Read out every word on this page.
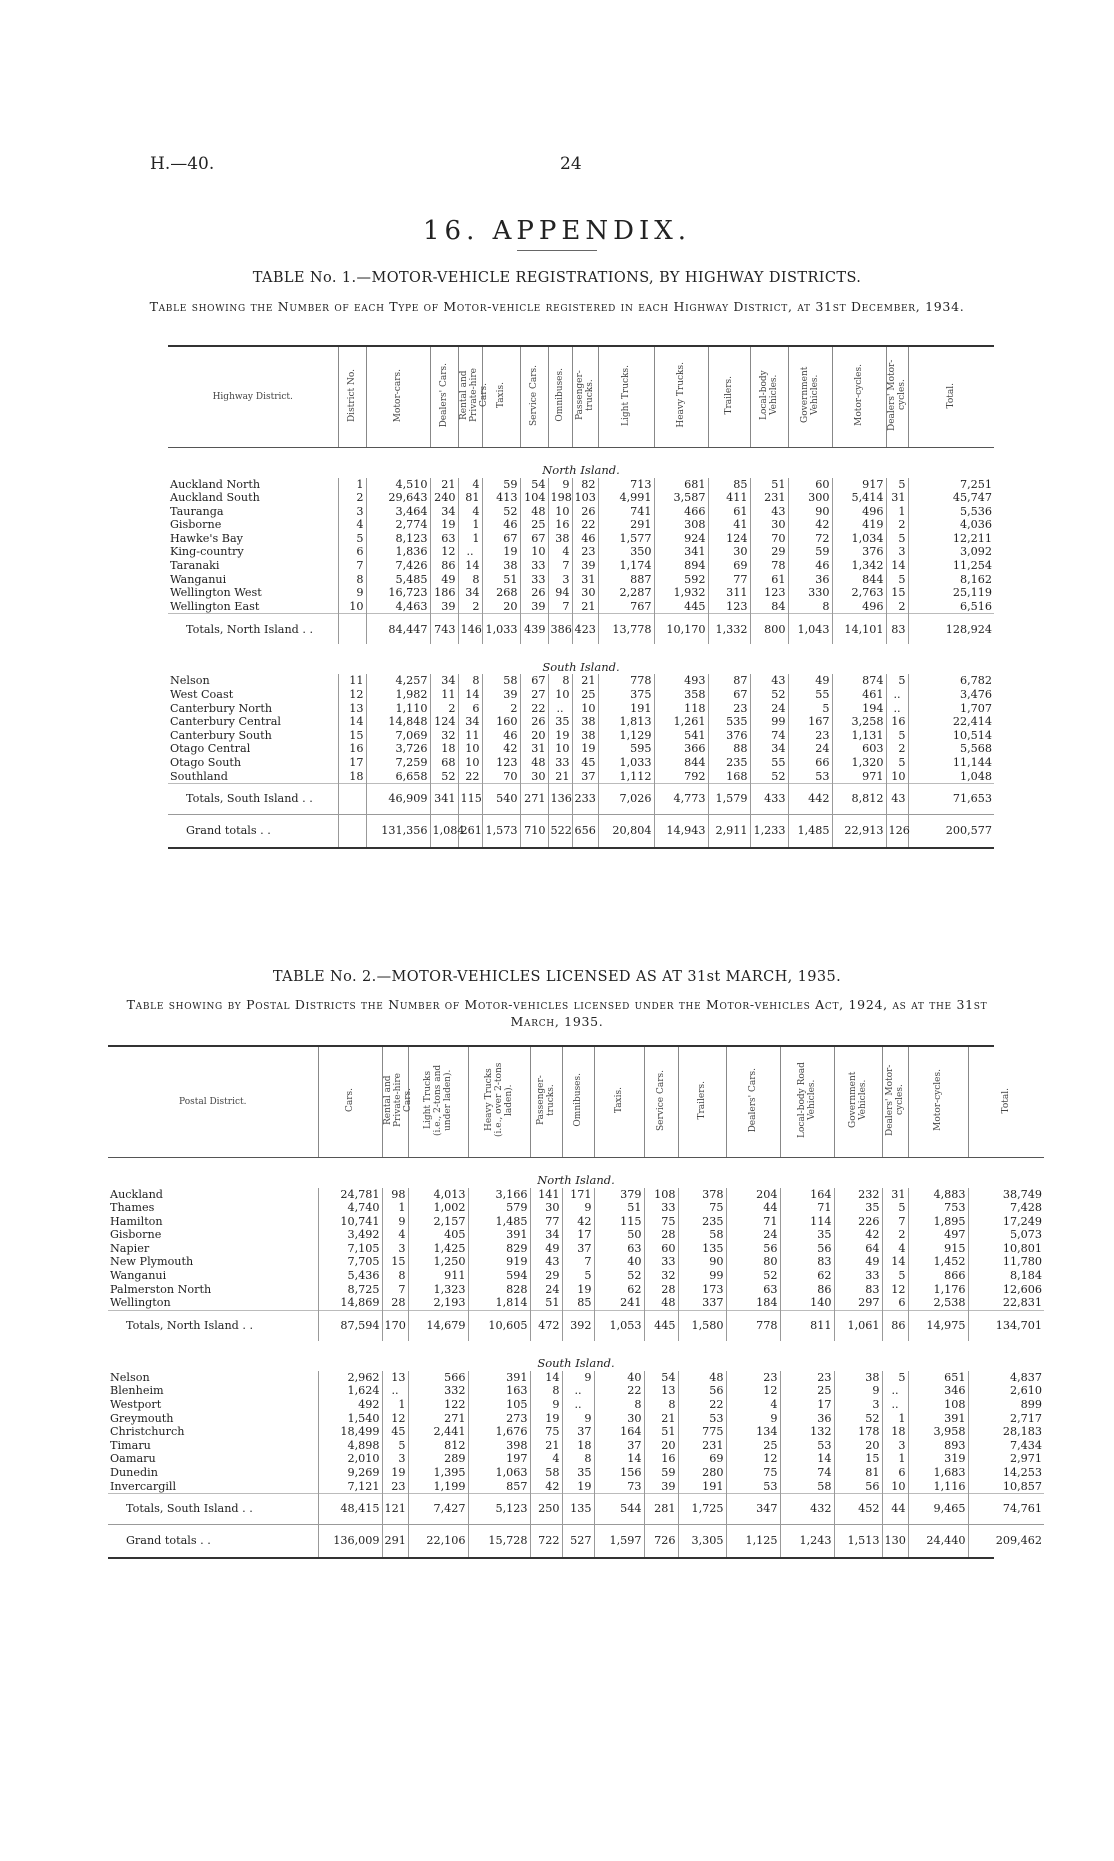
H.—40.	24
16. APPENDIX.
TABLE No. 1.—MOTOR-VEHICLE REGISTRATIONS, BY HIGHWAY DISTRICTS.
Table showing the Number of each Type of Motor-vehicle registered in each Highway District, at 31st December, 1934.
Highway District.	District No.	Motor-cars.	Dealers' Cars.	Rental and Private-hire Cars.	Taxis.	Service Cars.	Omnibuses.	Passenger-trucks.	Light Trucks.	Heavy Trucks.	Trailers.	Local-body Vehicles.	Government Vehicles.	Motor-cycles.	Dealers' Motor-cycles.	Total.
North Island.																
Auckland North	1	4,510	21	4	59	54	9	82	713	681	85	51	60	917	5	7,251
Auckland South	2	29,643	240	81	413	104	198	103	4,991	3,587	411	231	300	5,414	31	45,747
Tauranga	3	3,464	34	4	52	48	10	26	741	466	61	43	90	496	1	5,536
Gisborne	4	2,774	19	1	46	25	16	22	291	308	41	30	42	419	2	4,036
Hawke's Bay	5	8,123	63	1	67	67	38	46	1,577	924	124	70	72	1,034	5	12,211
King-country	6	1,836	12	..	19	10	4	23	350	341	30	29	59	376	3	3,092
Taranaki	7	7,426	86	14	38	33	7	39	1,174	894	69	78	46	1,342	14	11,254
Wanganui	8	5,485	49	8	51	33	3	31	887	592	77	61	36	844	5	8,162
Wellington West	9	16,723	186	34	268	26	94	30	2,287	1,932	311	123	330	2,763	15	25,119
Wellington East	10	4,463	39	2	20	39	7	21	767	445	123	84	8	496	2	6,516
Totals, North Island . .		84,447	743	146	1,033	439	386	423	13,778	10,170	1,332	800	1,043	14,101	83	128,924
South Island.																
Nelson	11	4,257	34	8	58	67	8	21	778	493	87	43	49	874	5	6,782
West Coast	12	1,982	11	14	39	27	10	25	375	358	67	52	55	461	..	3,476
Canterbury North	13	1,110	2	6	2	22	..	10	191	118	23	24	5	194	..	1,707
Canterbury Central	14	14,848	124	34	160	26	35	38	1,813	1,261	535	99	167	3,258	16	22,414
Canterbury South	15	7,069	32	11	46	20	19	38	1,129	541	376	74	23	1,131	5	10,514
Otago Central	16	3,726	18	10	42	31	10	19	595	366	88	34	24	603	2	5,568
Otago South	17	7,259	68	10	123	48	33	45	1,033	844	235	55	66	1,320	5	11,144
Southland	18	6,658	52	22	70	30	21	37	1,112	792	168	52	53	971	10	1,048
Totals, South Island . .		46,909	341	115	540	271	136	233	7,026	4,773	1,579	433	442	8,812	43	71,653
Grand totals . .		131,356	1,084	261	1,573	710	522	656	20,804	14,943	2,911	1,233	1,485	22,913	126	200,577
TABLE No. 2.—MOTOR-VEHICLES LICENSED AS AT 31st MARCH, 1935.
Table showing by Postal Districts the Number of Motor-vehicles licensed under the Motor-vehicles Act, 1924, as at the 31st March, 1935.
Postal District.	Cars.	Rental and Private-hire Cars.	Light Trucks (i.e., 2-tons and under laden).	Heavy Trucks (i.e., over 2-tons laden).	Passenger-trucks.	Omnibuses.	Taxis.	Service Cars.	Trailers.	Dealers' Cars.	Local-body Road Vehicles.	Government Vehicles.	Dealers' Motor-cycles.	Motor-cycles.	Total.
North Island.															
Auckland	24,781	98	4,013	3,166	141	171	379	108	378	204	164	232	31	4,883	38,749
Thames	4,740	1	1,002	579	30	9	51	33	75	44	71	35	5	753	7,428
Hamilton	10,741	9	2,157	1,485	77	42	115	75	235	71	114	226	7	1,895	17,249
Gisborne	3,492	4	405	391	34	17	50	28	58	24	35	42	2	497	5,073
Napier	7,105	3	1,425	829	49	37	63	60	135	56	56	64	4	915	10,801
New Plymouth	7,705	15	1,250	919	43	7	40	33	90	80	83	49	14	1,452	11,780
Wanganui	5,436	8	911	594	29	5	52	32	99	52	62	33	5	866	8,184
Palmerston North	8,725	7	1,323	828	24	19	62	28	173	63	86	83	12	1,176	12,606
Wellington	14,869	28	2,193	1,814	51	85	241	48	337	184	140	297	6	2,538	22,831
Totals, North Island . .	87,594	170	14,679	10,605	472	392	1,053	445	1,580	778	811	1,061	86	14,975	134,701
South Island.															
Nelson	2,962	13	566	391	14	9	40	54	48	23	23	38	5	651	4,837
Blenheim	1,624	..	332	163	8	..	22	13	56	12	25	9	..	346	2,610
Westport	492	1	122	105	9	..	8	8	22	4	17	3	..	108	899
Greymouth	1,540	12	271	273	19	9	30	21	53	9	36	52	1	391	2,717
Christchurch	18,499	45	2,441	1,676	75	37	164	51	775	134	132	178	18	3,958	28,183
Timaru	4,898	5	812	398	21	18	37	20	231	25	53	20	3	893	7,434
Oamaru	2,010	3	289	197	4	8	14	16	69	12	14	15	1	319	2,971
Dunedin	9,269	19	1,395	1,063	58	35	156	59	280	75	74	81	6	1,683	14,253
Invercargill	7,121	23	1,199	857	42	19	73	39	191	53	58	56	10	1,116	10,857
Totals, South Island . .	48,415	121	7,427	5,123	250	135	544	281	1,725	347	432	452	44	9,465	74,761
Grand totals . .	136,009	291	22,106	15,728	722	527	1,597	726	3,305	1,125	1,243	1,513	130	24,440	209,462
